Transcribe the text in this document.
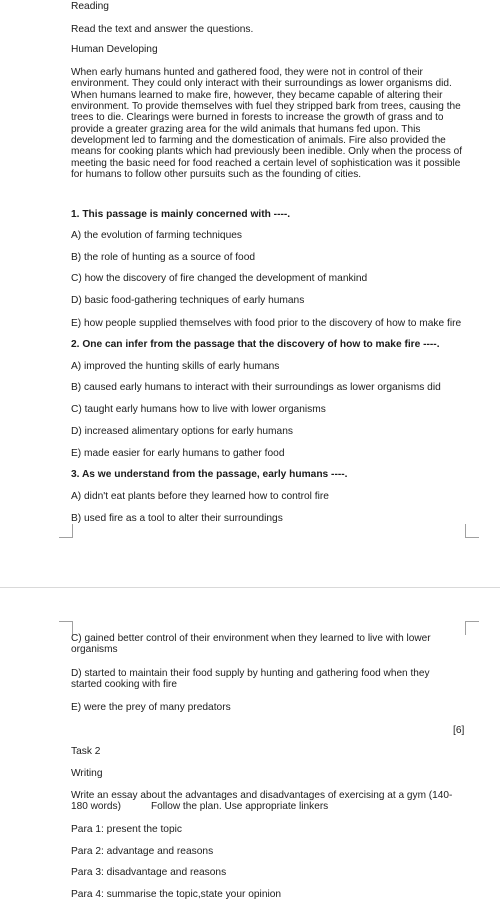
Reading
Read the text and answer the questions.
Human Developing
When early humans hunted and gathered food, they were not in control of their environment. They could only interact with their surroundings as lower organisms did. When humans learned to make fire, however, they became capable of altering their environment. To provide themselves with fuel they stripped bark from trees, causing the trees to die. Clearings were burned in forests to increase the growth of grass and to provide a greater grazing area for the wild animals that humans fed upon. This development led to farming and the domestication of animals. Fire also provided the means for cooking plants which had previously been inedible. Only when the process of meeting the basic need for food reached a certain level of sophistication was it possible for humans to follow other pursuits such as the founding of cities.
1. This passage is mainly concerned with ----.
A) the evolution of farming techniques
B) the role of hunting as a source of food
C) how the discovery of fire changed the development of mankind
D) basic food-gathering techniques of early humans
E) how people supplied themselves with food prior to the discovery of how to make fire
2. One can infer from the passage that the discovery of how to make fire ----.
A) improved the hunting skills of early humans
B) caused early humans to interact with their surroundings as lower organisms did
C) taught early humans how to live with lower organisms
D) increased alimentary options for early humans
E) made easier for early humans to gather food
3. As we understand from the passage, early humans ----.
A) didn't eat plants before they learned how to control fire
B) used fire as a tool to alter their surroundings
C) gained better control of their environment when they learned to live with lower organisms
D) started to maintain their food supply by hunting and gathering food when they started cooking with fire
E) were the prey of many predators
[6]
Task 2
Writing
Write an essay about the advantages and disadvantages of exercising at a gym (140-180 words)	Follow the plan. Use appropriate linkers
Para 1: present the topic
Para 2: advantage and reasons
Para 3: disadvantage and reasons
Para 4: summarise the topic,state your opinion
